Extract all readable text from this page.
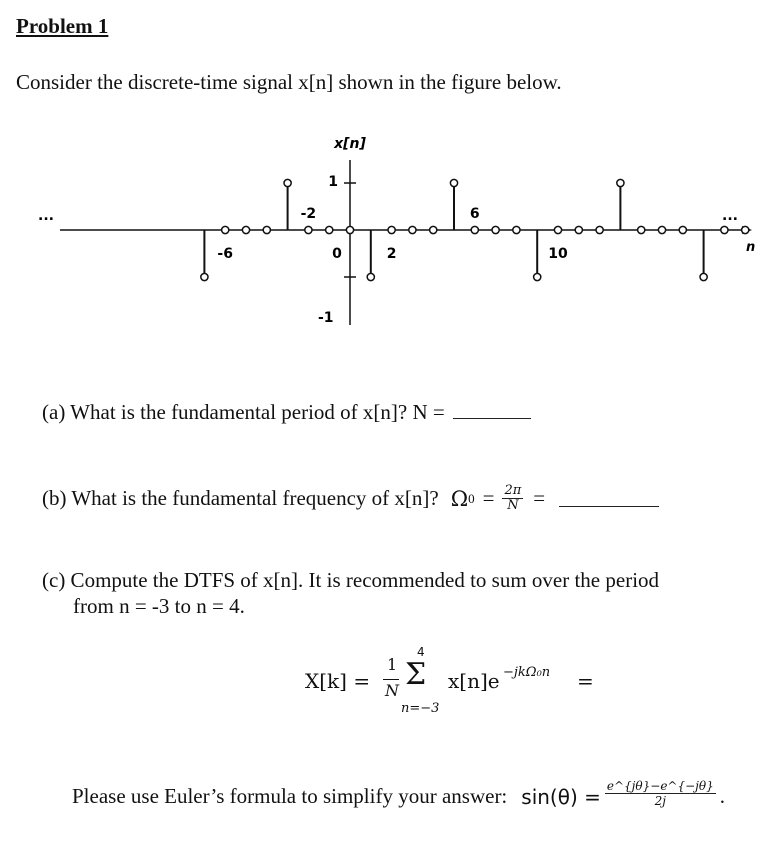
Problem 1
Consider the discrete-time signal x[n] shown in the figure below.
-6
-2
0	2
6
10
x[n]
1
-1
...	...
n
(a) What is the fundamental period of x[n]? N =
(b) What is the fundamental frequency of x[n]? Ω $0 = \frac{2\pi}{N}$ =
(c) Compute the DTFS of x[n]. It is recommended to sum over the period
from n = -3 to n = 4.
X[k] =
1
N
4
Σ
n=−3
x[n]e −jkΩ₀n =
Please use Euler’s formula to simplify your answer: $\sin(\theta) = \frac{e\^{}\{j\theta\}-e\^{}\{-j\theta\}}{2j}$ .
